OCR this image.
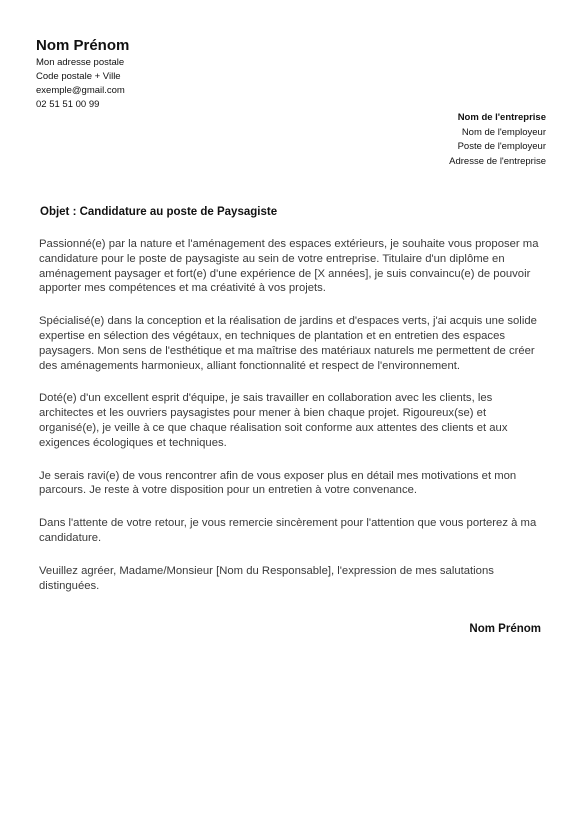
Nom Prénom
Mon adresse postale
Code postale + Ville
exemple@gmail.com
02 51 51 00 99
Nom de l'entreprise
Nom de l'employeur
Poste de l'employeur
Adresse de l'entreprise
Objet : Candidature au poste de Paysagiste

Passionné(e) par la nature et l'aménagement des espaces extérieurs, je souhaite vous proposer ma candidature pour le poste de paysagiste au sein de votre entreprise. Titulaire d'un diplôme en aménagement paysager et fort(e) d'une expérience de [X années], je suis convaincu(e) de pouvoir apporter mes compétences et ma créativité à vos projets.

Spécialisé(e) dans la conception et la réalisation de jardins et d'espaces verts, j'ai acquis une solide expertise en sélection des végétaux, en techniques de plantation et en entretien des espaces paysagers. Mon sens de l'esthétique et ma maîtrise des matériaux naturels me permettent de créer des aménagements harmonieux, alliant fonctionnalité et respect de l'environnement.

Doté(e) d'un excellent esprit d'équipe, je sais travailler en collaboration avec les clients, les architectes et les ouvriers paysagistes pour mener à bien chaque projet. Rigoureux(se) et organisé(e), je veille à ce que chaque réalisation soit conforme aux attentes des clients et aux exigences écologiques et techniques.

Je serais ravi(e) de vous rencontrer afin de vous exposer plus en détail mes motivations et mon parcours. Je reste à votre disposition pour un entretien à votre convenance.

Dans l'attente de votre retour, je vous remercie sincèrement pour l'attention que vous porterez à ma candidature.

Veuillez agréer, Madame/Monsieur [Nom du Responsable], l'expression de mes salutations distinguées.

Nom Prénom
